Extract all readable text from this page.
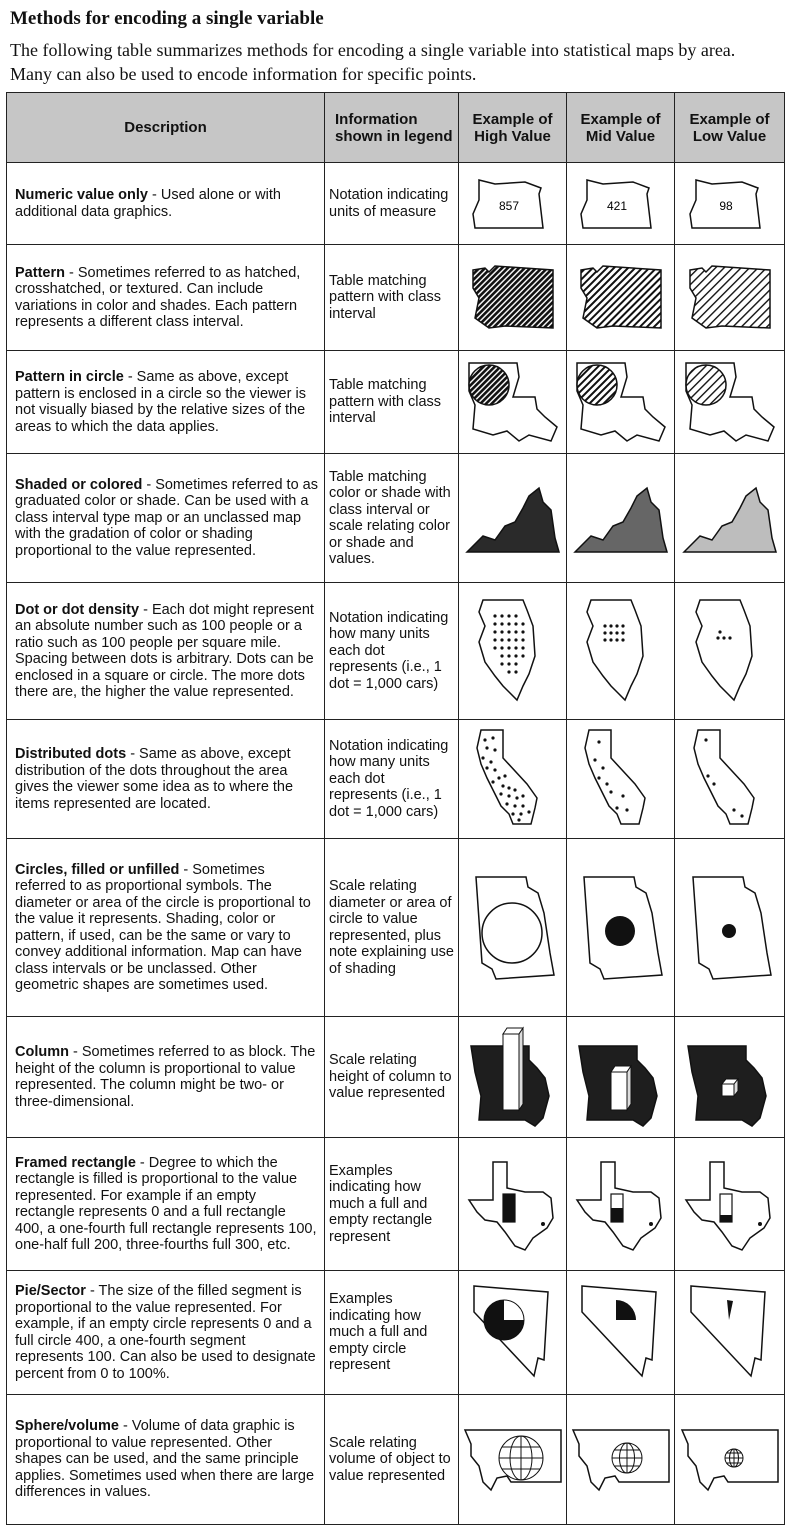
Methods for encoding a single variable
The following table summarizes methods for encoding a single variable into statistical maps by area. Many can also be used to encode information for specific points.
Description	Information shown in legend	Example of High Value	Example of Mid Value	Example of Low Value
Numeric value only - Used alone or with additional data graphics.	Notation indicating units of measure	857	421	98

Pattern - Sometimes referred to as hatched, crosshatched, or textured. Can include variations in color and shades. Each pattern represents a different class interval.	Table matching pattern with class interval	

Pattern in circle - Same as above, except pattern is enclosed in a circle so the viewer is not visually biased by the relative sizes of the areas to which the data applies.	Table matching pattern with class interval	

Shaded or colored - Sometimes referred to as graduated color or shade. Can be used with a class interval type map or an unclassed map with the gradation of color or shading proportional to the value represented.	Table matching color or shade with class interval or scale relating color or shade and values.	

Dot or dot density - Each dot might represent an absolute number such as 100 people or a ratio such as 100 people per square mile. Spacing between dots is arbitrary. Dots can be enclosed in a square or circle. The more dots there are, the higher the value represented.	Notation indicating how many units each dot represents (i.e., 1 dot = 1,000 cars)	

Distributed dots - Same as above, except distribution of the dots throughout the area gives the viewer some idea as to where the items represented are located.	Notation indicating how many units each dot represents (i.e., 1 dot = 1,000 cars)	

Circles, filled or unfilled - Sometimes referred to as proportional symbols. The diameter or area of the circle is proportional to the value it represents. Shading, color or pattern, if used, can be the same or vary to convey additional information. Map can have class intervals or be unclassed. Other geometric shapes are sometimes used.	Scale relating diameter or area of circle to value represented, plus note explaining use of shading	

Column - Sometimes referred to as block. The height of the column is proportional to value represented. The column might be two- or three-dimensional.	Scale relating height of column to value represented	

Framed rectangle - Degree to which the rectangle is filled is proportional to the value represented. For example if an empty rectangle represents 0 and a full rectangle 400, a one-fourth full rectangle represents 100, one-half full 200, three-fourths full 300, etc.	Examples indicating how much a full and empty rectangle represent	

Pie/Sector - The size of the filled segment is proportional to the value represented. For example, if an empty circle represents 0 and a full circle 400, a one-fourth segment represents 100. Can also be used to designate percent from 0 to 100%.	Examples indicating how much a full and empty circle represent	

Sphere/volume - Volume of data graphic is proportional to value represented. Other shapes can be used, and the same principle applies. Sometimes used when there are large differences in values.	Scale relating volume of object to value represented	
